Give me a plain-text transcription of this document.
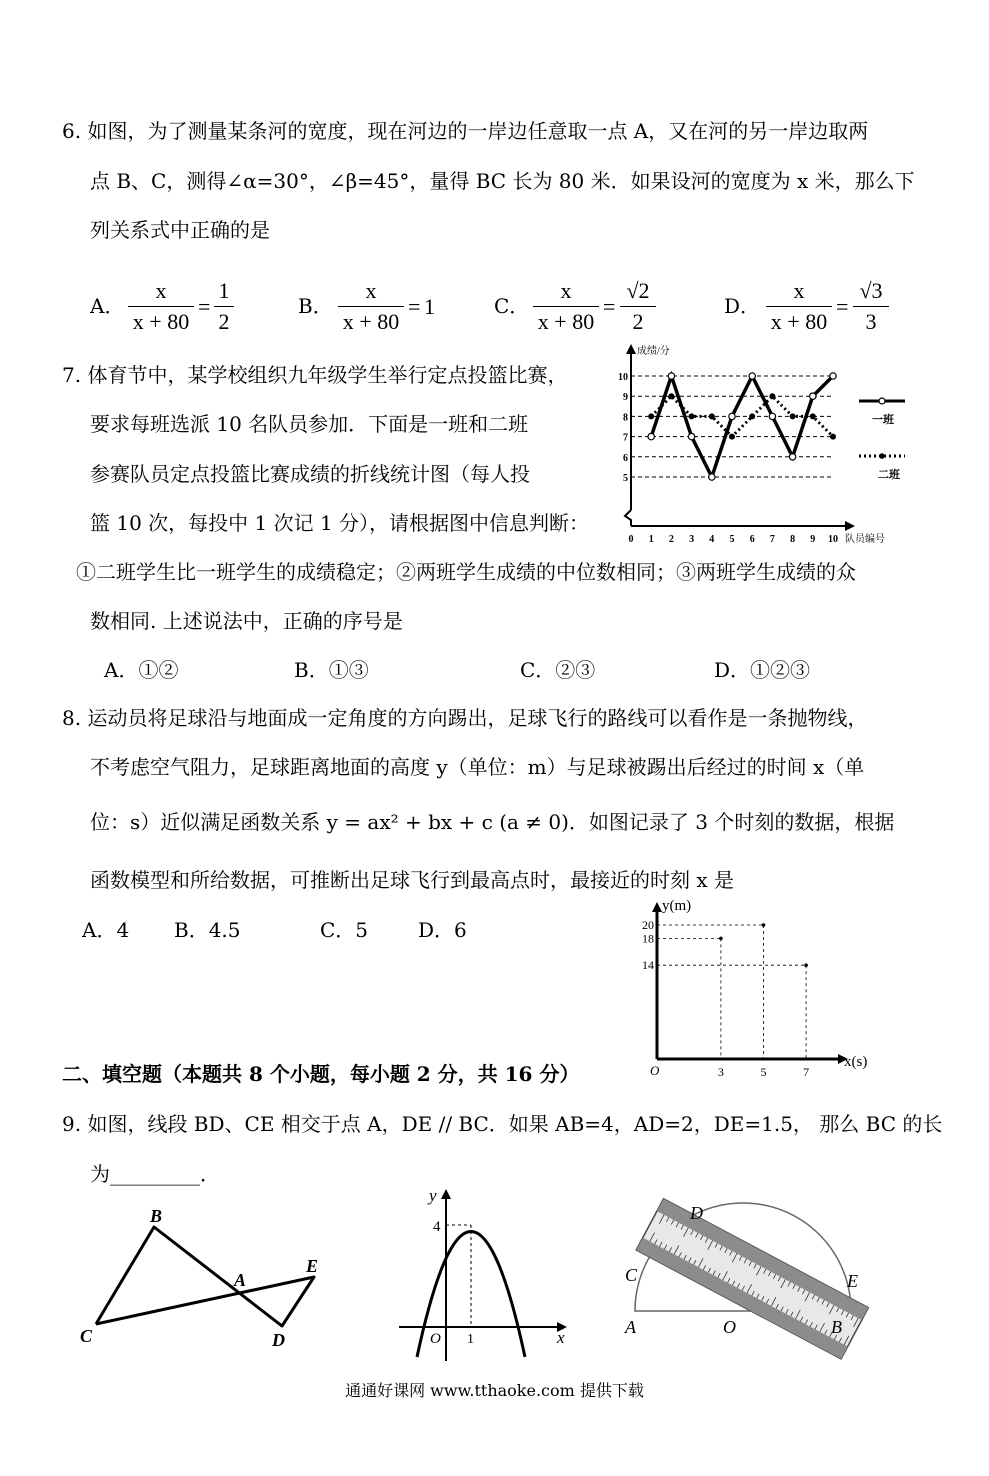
6. 如图，为了测量某条河的宽度，现在河边的一岸边任意取一点 A，又在河的另一岸边取两
点 B、C，测得∠α=30°，∠β=45°，量得 BC 长为 80 米．如果设河的宽度为 x 米，那么下
列关系式中正确的是
A．
x
x + 80
=
1
2
B．
x
x + 80
= 1	C．
x
x + 80
=
√2
2
D．
x
x + 80
=
√3
3
7. 体育节中，某学校组织九年级学生举行定点投篮比赛，
要求每班选派 10 名队员参加．下面是一班和二班
参赛队员定点投篮比赛成绩的折线统计图（每人投
篮 10 次，每投中 1 次记 1 分），请根据图中信息判断：
①二班学生比一班学生的成绩稳定；②两班学生成绩的中位数相同；③两班学生成绩的众
数相同. 上述说法中，正确的序号是
A．①②	B．①③	C．②③	D．①②③
5
6
7
8
9
10
0 1 2 3 4 5 6 7 8 9 10
成绩/分
队员编号
一班
二班
8. 运动员将足球沿与地面成一定角度的方向踢出，足球飞行的路线可以看作是一条抛物线，
不考虑空气阻力，足球距离地面的高度 y（单位：m）与足球被踢出后经过的时间 x（单
位：s）近似满足函数关系 y = ax² + bx + c (a ≠ 0)．如图记录了 3 个时刻的数据，根据
函数模型和所给数据，可推断出足球飞行到最高点时，最接近的时刻 x 是
A．4 B．4.5	C．5 D．6
3	5	7
20
18
14
O
y(m)
x(s)
二、填空题（本题共 8 个小题，每小题 2 分，共 16 分）
9. 如图，线段 BD、CE 相交于点 A，DE // BC．如果 AB=4，AD=2，DE=1.5， 那么 BC 的长
为_________．
B
A
E
C	D
y
x
O
4
1
D
C	E
A	O	B
通通好课网 www.tthaoke.com 提供下载
